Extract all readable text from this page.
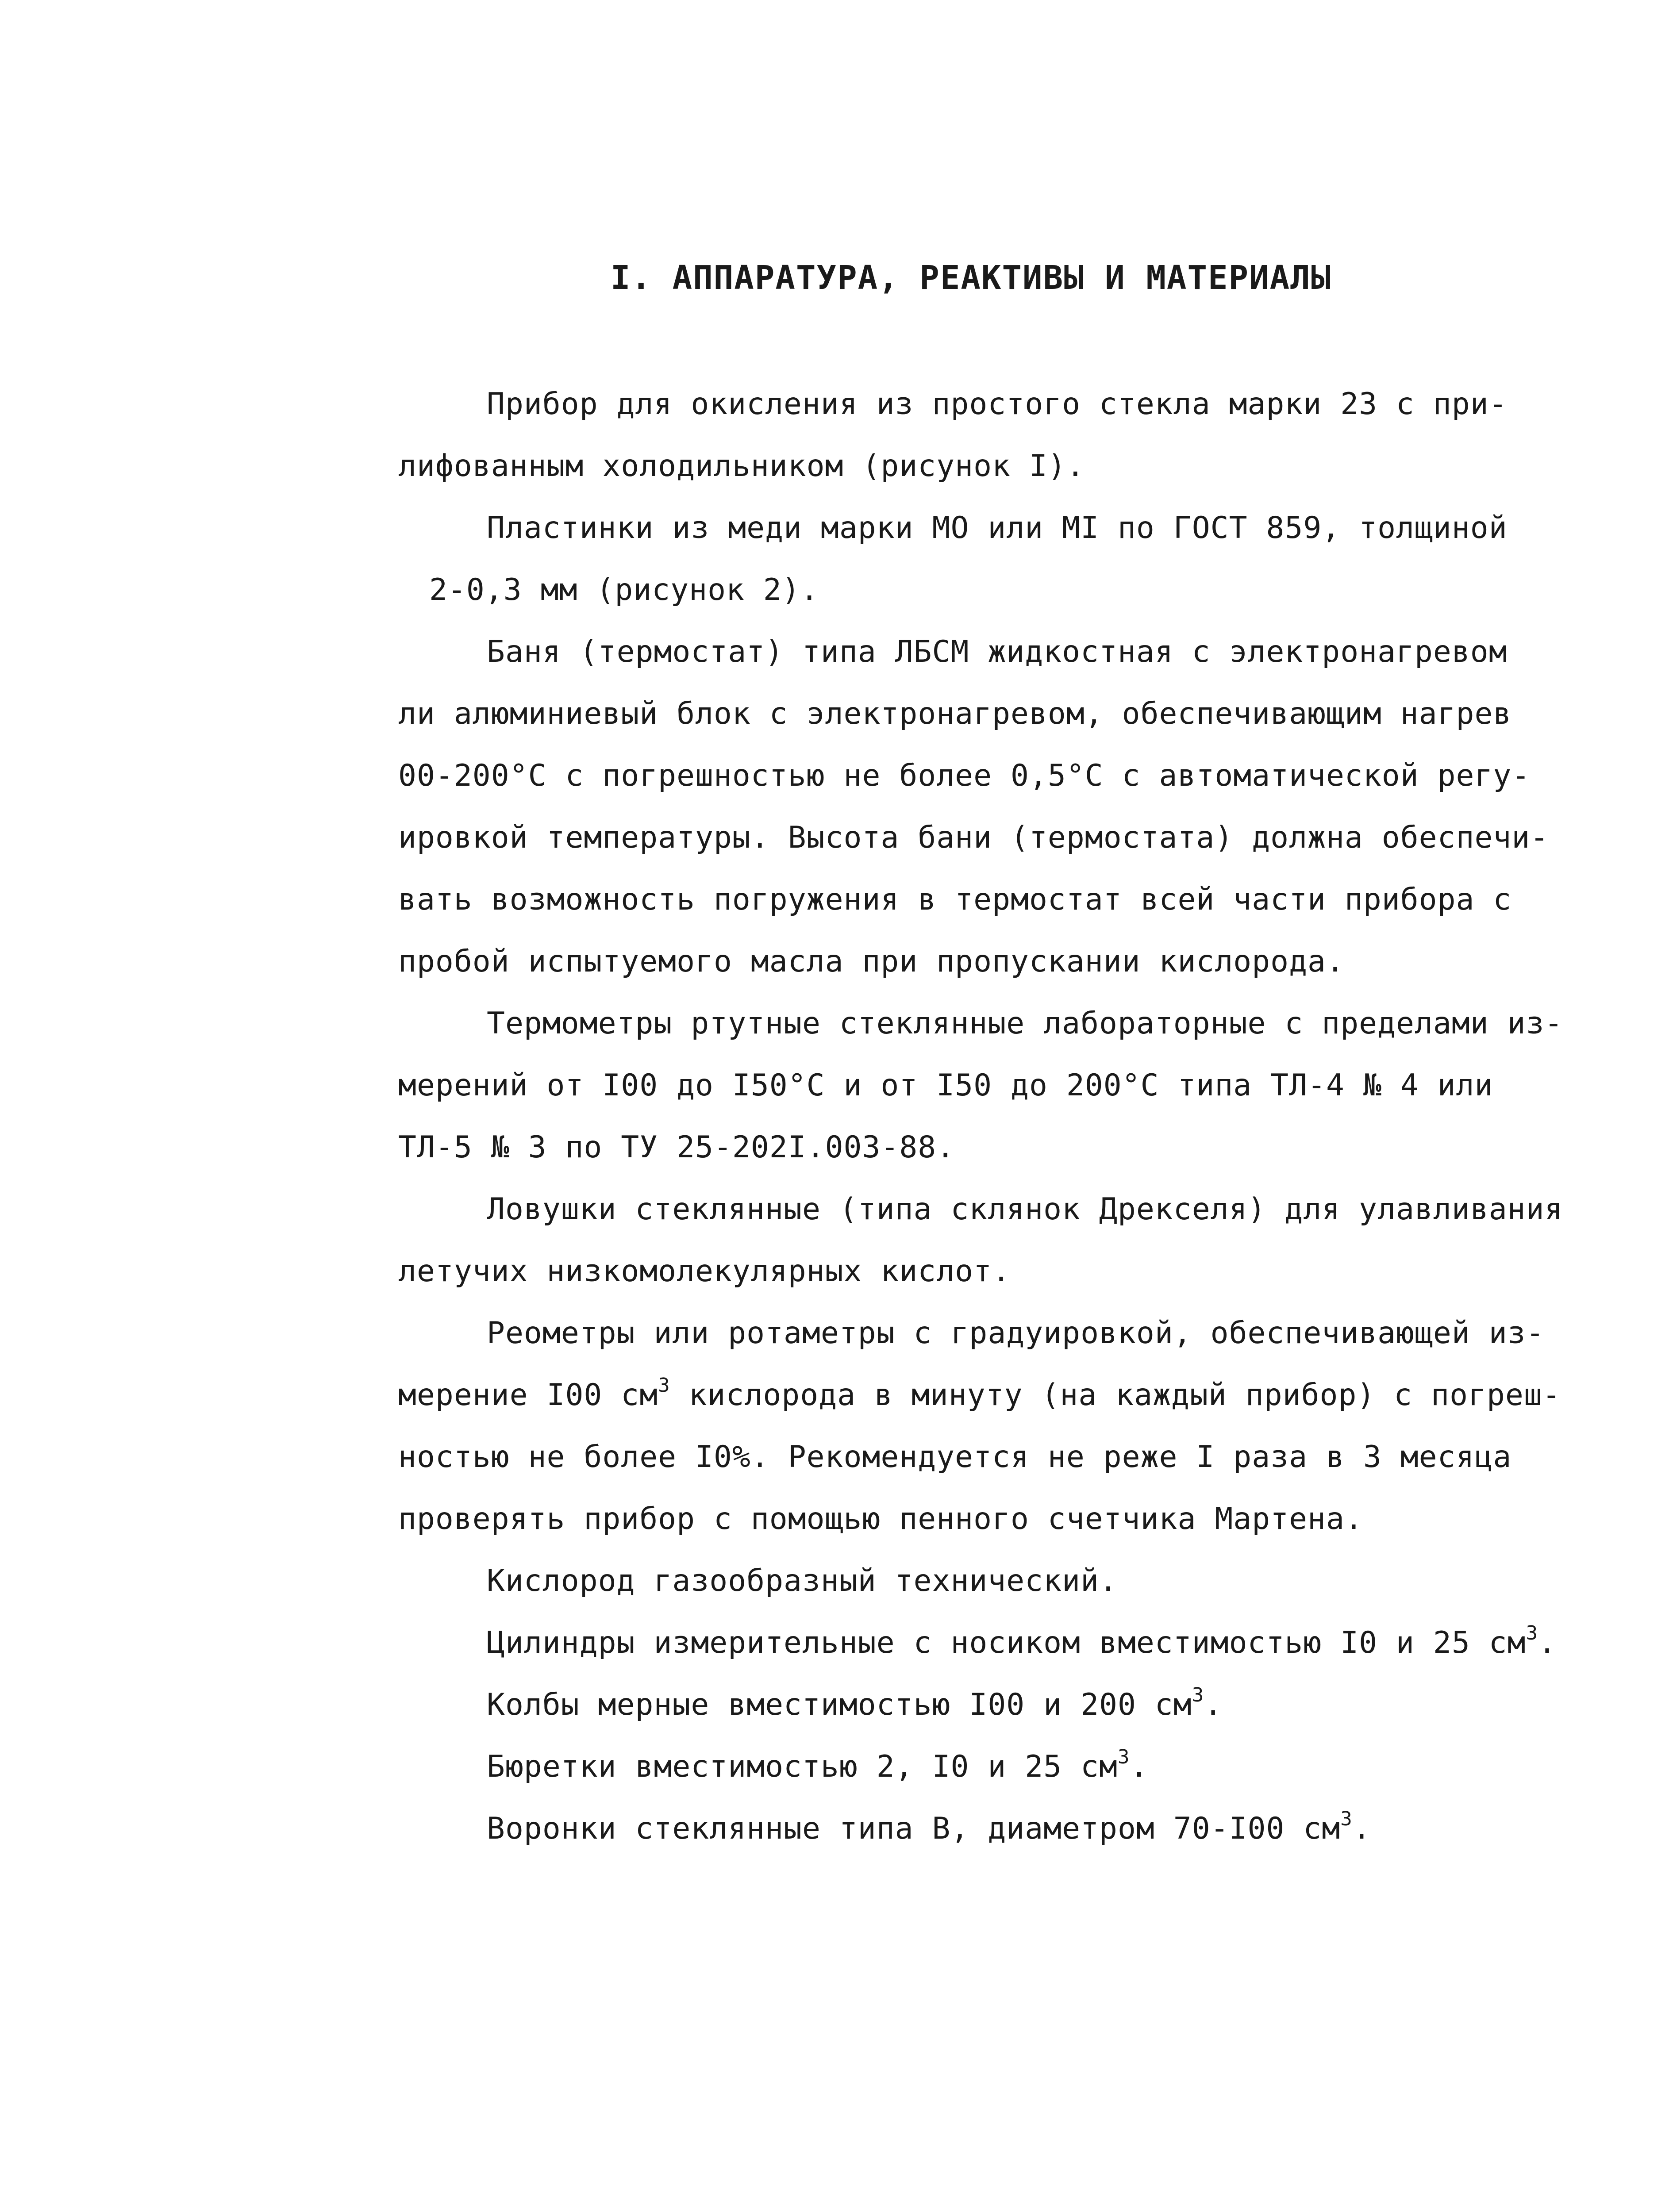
I. АППАРАТУРА, РЕАКТИВЫ И МАТЕРИАЛЫ
Прибор для окисления из простого стекла марки 23 с при-
лифованным холодильником (рисунок I).
Пластинки из меди марки МО или МI по ГОСТ 859, толщиной
2-0,3 мм (рисунок 2).
Баня (термостат) типа ЛБСМ жидкостная с электронагревом
ли алюминиевый блок с электронагревом, обеспечивающим нагрев
00-200°С с погрешностью не более 0,5°С с автоматической регу-
ировкой температуры. Высота бани (термостата) должна обеспечи-
вать возможность погружения в термостат всей части прибора с
пробой испытуемого масла при пропускании кислорода.
Термометры ртутные стеклянные лабораторные с пределами из-
мерений от I00 до I50°С и от I50 до 200°С типа ТЛ-4 № 4 или
ТЛ-5 № 3 по ТУ 25-202I.003-88.
Ловушки стеклянные (типа склянок Дрекселя) для улавливания
летучих низкомолекулярных кислот.
Реометры или ротаметры с градуировкой, обеспечивающей из-
мерение I00 $см^3$ кислорода в минуту (на каждый прибор) с погреш-
ностью не более I0%. Рекомендуется не реже I раза в 3 месяца
проверять прибор с помощью пенного счетчика Мартена.
Кислород газообразный технический.
Цилиндры измерительные с носиком вместимостью I0 и 25 $см^3$.
Колбы мерные вместимостью I00 и 200 $см^3$.
Бюретки вместимостью 2, I0 и 25 $см^3$.
Воронки стеклянные типа В, диаметром 70-I00 $см^3$.
